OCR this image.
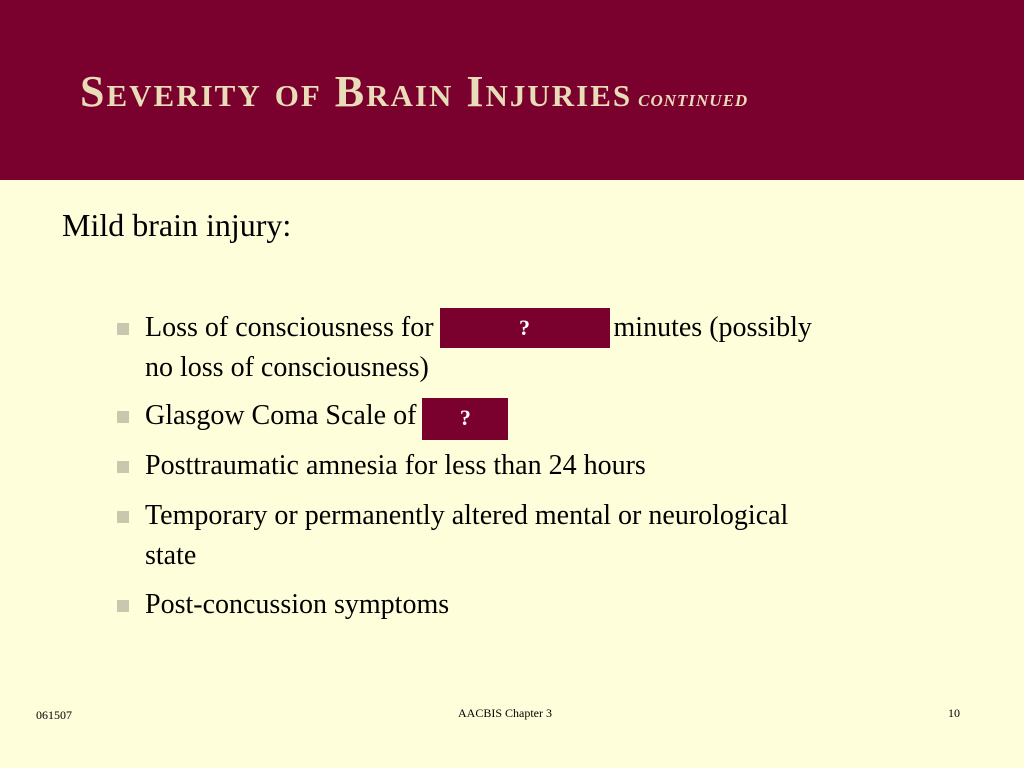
Severity of Brain Injuries continued

Mild brain injury:

Loss of consciousness for	?	minutes (possibly
no loss of consciousness)
Glasgow Coma Scale of ?
Posttraumatic amnesia for less than 24 hours
Temporary or permanently altered mental or neurological
state
Post-concussion symptoms
061507	AACBIS Chapter 3	10
